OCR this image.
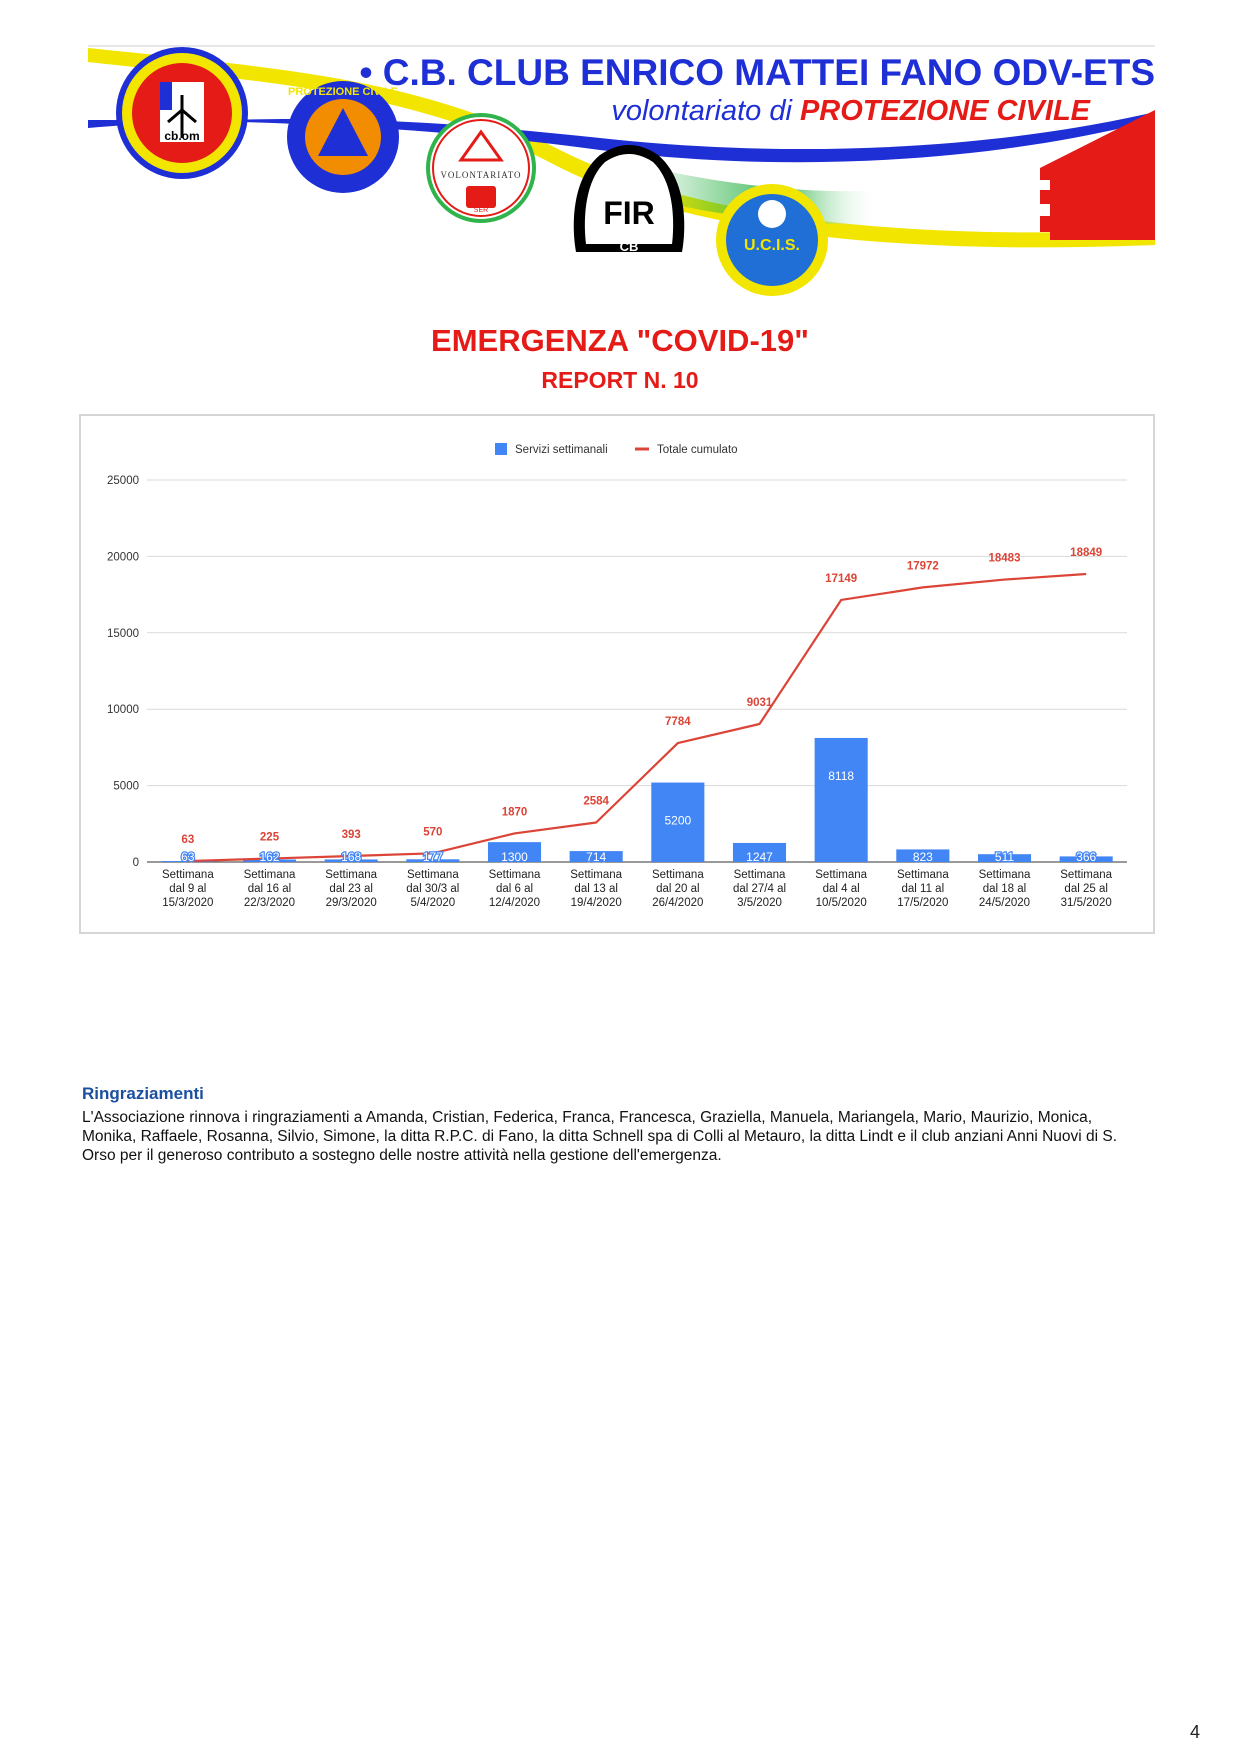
cb.om
PROTEZIONE CIVILE
VOLONTARIATO
SER	FIR
CB	U.C.I.S.
• C.B. CLUB ENRICO MATTEI FANO ODV-ETS
volontariato di PROTEZIONE CIVILE
EMERGENZA "COVID-19"
REPORT N. 10
0
5000
10000
15000
20000
25000
63	162	168	177	1300	714
5200
1247
8118
823	511	366
63	225	393	570
1870
2584
7784
9031
17149
17972
18483	18849
Settimana
dal 9 al
15/3/2020
Settimana
dal 16 al
22/3/2020
Settimana
dal 23 al
29/3/2020
Settimana
dal 30/3 al
5/4/2020
Settimana
dal 6 al
12/4/2020
Settimana
dal 13 al
19/4/2020
Settimana
dal 20 al
26/4/2020
Settimana
dal 27/4 al
3/5/2020
Settimana
dal 4 al
10/5/2020
Settimana
dal 11 al
17/5/2020
Settimana
dal 18 al
24/5/2020
Settimana
dal 25 al
31/5/2020
Servizi settimanali	Totale cumulato
Ringraziamenti
L'Associazione rinnova i ringraziamenti a Amanda, Cristian, Federica, Franca, Francesca, Graziella, Manuela, Mariangela, Mario, Maurizio, Monica,
Monika, Raffaele, Rosanna, Silvio, Simone, la ditta R.P.C. di Fano, la ditta Schnell spa di Colli al Metauro, la ditta Lindt e il club anziani Anni Nuovi di S.
Orso per il generoso contributo a sostegno delle nostre attività nella gestione dell'emergenza.
4
